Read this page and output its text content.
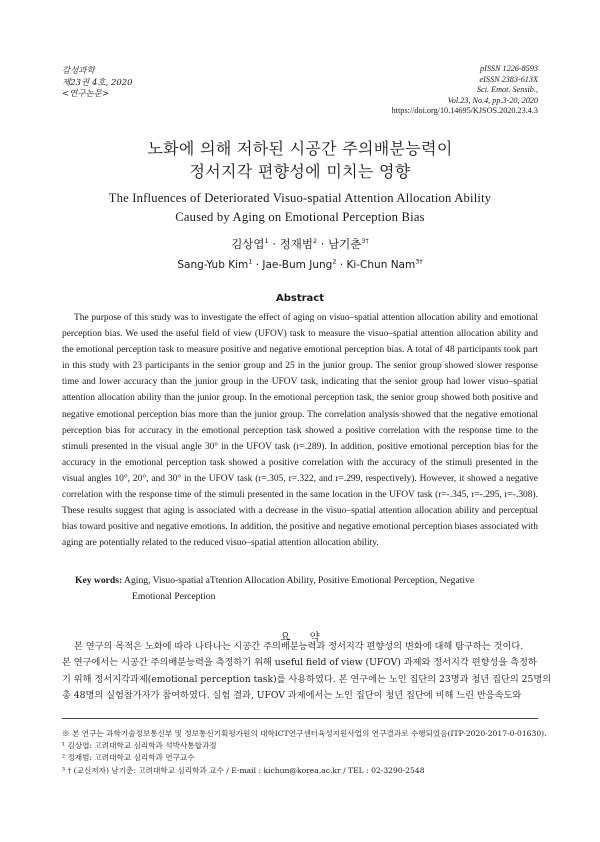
감성과학
제23권 4호, 2020
<연구논문>
pISSN 1226-8593
eISSN 2383-613X
Sci. Emot. Sensib.,
Vol.23, No.4, pp.3-20, 2020
https://doi.org/10.14695/KJSOS.2020.23.4.3
노화에 의해 저하된 시공간 주의배분능력이
정서지각 편향성에 미치는 영향
The Influences of Deteriorated Visuo-spatial Attention Allocation Ability
Caused by Aging on Emotional Perception Bias
김상엽$^1$ · 정재범$^2$ · 남기춘$^{3\dagger}$
Sang-Yub Kim$^1$ · Jae-Bum Jung$^2$ · Ki-Chun Nam$^{3\dagger}$
Abstract

The purpose of this study was to investigate the effect of aging on visuo–spatial attention allocation ability and emotional perception bias. We used the useful field of view (UFOV) task to measure the visuo–spatial attention allocation ability and the emotional perception task to measure positive and negative emotional perception bias. A total of 48 participants took part in this study with 23 participants in the senior group and 25 in the junior group. The senior group showed slower response time and lower accuracy than the junior group in the UFOV task, indicating that the senior group had lower visuo–spatial attention allocation ability than the junior group. In the emotional perception task, the senior group showed both positive and negative emotional perception bias more than the junior group. The correlation analysis showed that the negative emotional perception bias for accuracy in the emotional perception task showed a positive correlation with the response time to the stimuli presented in the visual angle 30° in the UFOV task (r=.289). In addition, positive emotional perception bias for the accuracy in the emotional perception task showed a positive correlation with the accuracy of the stimuli presented in the visual angles 10°, 20°, and 30° in the UFOV task (r=.305, r=.322, and r=.299, respectively). However, it showed a negative correlation with the response time of the stimuli presented in the same location in the UFOV task (r=-.345, r=-.295, r=-.308). These results suggest that aging is associated with a decrease in the visuo–spatial attention allocation ability and perceptual bias toward positive and negative emotions. In addition, the positive and negative emotional perception biases associated with aging are potentially related to the reduced visuo–spatial attention allocation ability.

Key words: Aging, Visuo-spatial aTtention Allocation Ability, Positive Emotional Perception, Negative
Emotional Perception
요 약
본 연구의 목적은 노화에 따라 나타나는 시공간 주의배분능력과 정서지각 편향성의 변화에 대해 탐구하는 것이다.
본 연구에서는 시공간 주의배분능력을 측정하기 위해 useful field of view (UFOV) 과제와 정서지각 편향성을 측정하
기 위해 정서지각과제(emotional perception task)를 사용하였다. 본 연구에는 노인 집단의 23명과 청년 집단의 25명의
총 48명의 실험참가자가 참여하였다. 실험 결과, UFOV 과제에서는 노인 집단이 청년 집단에 비해 느린 반응속도와
※ 본 연구는 과학기술정보통신부 및 정보통신기획평가원의 대학ICT연구센터육성지원사업의 연구결과로 수행되었음(ITP-2020-2017-0-01630).
¹ 김상엽: 고려대학교 심리학과 석박사통합과정
² 정재범: 고려대학교 심리학과 연구교수
³ † (교신저자) 남기춘: 고려대학교 심리학과 교수 / E-mail : kichun@korea.ac.kr / TEL : 02-3290-2548
